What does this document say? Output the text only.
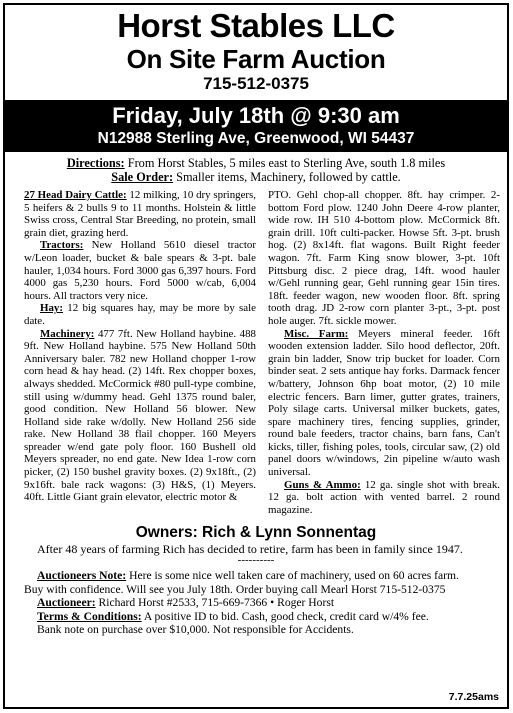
Horst Stables LLC
On Site Farm Auction
715-512-0375
Friday, July 18th @ 9:30 am
N12988 Sterling Ave, Greenwood, WI 54437
Directions: From Horst Stables, 5 miles east to Sterling Ave, south 1.8 miles
Sale Order: Smaller items, Machinery, followed by cattle.

27 Head Dairy Cattle: 12 milking, 10 dry springers, 5 heifers & 2 bulls 9 to 11 months. Holstein & little Swiss cross, Central Star Breeding, no protein, small grain diet, grazing herd.

Tractors: New Holland 5610 diesel tractor w/Leon loader, bucket & bale spears & 3-pt. bale hauler, 1,034 hours. Ford 3000 gas 6,397 hours. Ford 4000 gas 5,230 hours. Ford 5000 w/cab, 6,004 hours. All tractors very nice.

Hay: 12 big squares hay, may be more by sale date.

Machinery: 477 7ft. New Holland haybine. 488 9ft. New Holland haybine. 575 New Holland 50th Anniversary baler. 782 new Holland chopper 1-row corn head & hay head. (2) 14ft. Rex chopper boxes, always shedded. McCormick #80 pull-type combine, still using w/dummy head. Gehl 1375 round baler, good condition. New Holland 56 blower. New Holland side rake w/dolly. New Holland 256 side rake. New Holland 38 flail chopper. 160 Meyers spreader w/end gate poly floor. 160 Bushell old Meyers spreader, no end gate. New Idea 1-row corn picker, (2) 150 bushel gravity boxes. (2) 9x18ft., (2) 9x16ft. bale rack wagons: (3) H&S, (1) Meyers. 40ft. Little Giant grain elevator, electric motor &

PTO. Gehl chop-all chopper. 8ft. hay crimper. 2-bottom Ford plow. 1240 John Deere 4-row planter, wide row. IH 510 4-bottom plow. McCormick 8ft. grain drill. 10ft culti-packer. Howse 5ft. 3-pt. brush hog. (2) 8x14ft. flat wagons. Built Right feeder wagon. 7ft. Farm King snow blower, 3-pt. 10ft Pittsburg disc. 2 piece drag, 14ft. wood hauler w/Gehl running gear, Gehl running gear 15in tires. 18ft. feeder wagon, new wooden floor. 8ft. spring tooth drag. JD 2-row corn planter 3-pt., 3-pt. post hole auger. 7ft. sickle mower.

Misc. Farm: Meyers mineral feeder. 16ft wooden extension ladder. Silo hood deflector, 20ft. grain bin ladder, Snow trip bucket for loader. Corn binder seat. 2 sets antique hay forks. Darmack fencer w/battery, Johnson 6hp boat motor, (2) 10 mile electric fencers. Barn limer, gutter grates, trainers, Poly silage carts. Universal milker buckets, gates, spare machinery tires, fencing supplies, grinder, round bale feeders, tractor chains, barn fans, Can't kicks, tiller, fishing poles, tools, circular saw, (2) old panel doors w/windows, 2in pipeline w/auto wash universal.

Guns & Ammo: 12 ga. single shot with break. 12 ga. bolt action with vented barrel. 2 round magazine.

Owners: Rich & Lynn Sonnentag
After 48 years of farming Rich has decided to retire, farm has been in family since 1947.
----------
Auctioneers Note: Here is some nice well taken care of machinery, used on 60 acres farm.
Buy with confidence. Will see you July 18th. Order buying call Mearl Horst 715-512-0375
Auctioneer: Richard Horst #2533, 715-669-7366 • Roger Horst
Terms & Conditions: A positive ID to bid. Cash, good check, credit card w/4% fee.
Bank note on purchase over $10,000. Not responsible for Accidents.
7.7.25ams
